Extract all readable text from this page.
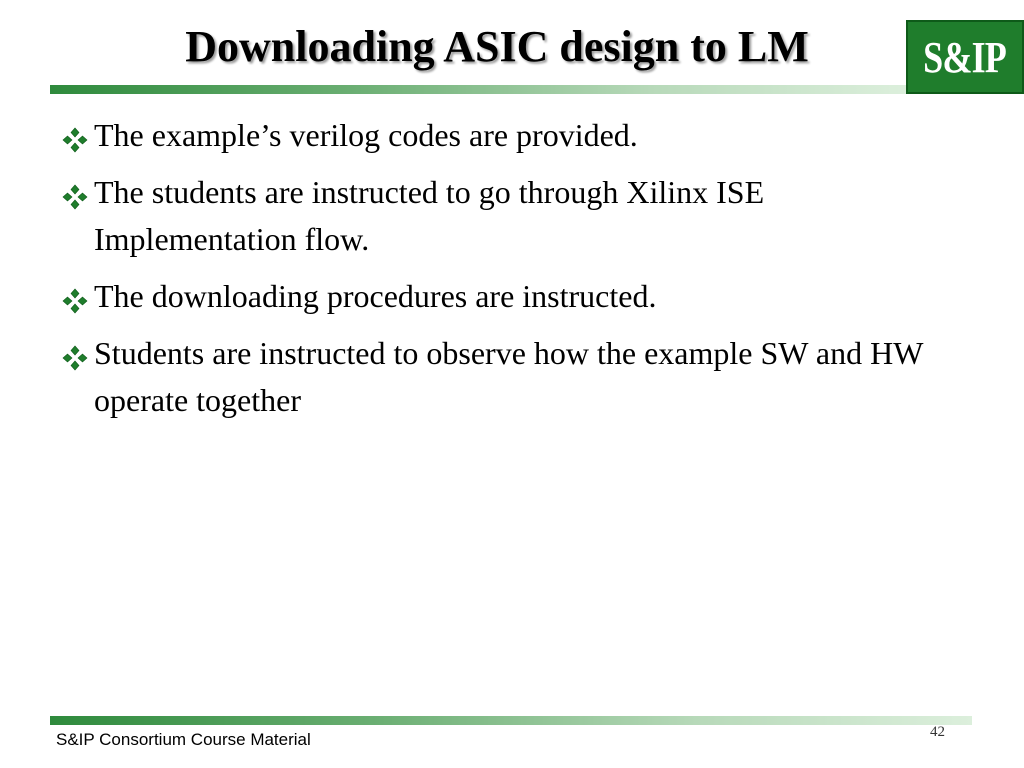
Downloading ASIC design to LM	S&IP
The example’s verilog codes are provided.
The students are instructed to go through Xilinx ISE Implementation flow.
The downloading procedures are instructed.
Students are instructed to observe how the example SW and HW operate together
S&IP Consortium Course Material	42
